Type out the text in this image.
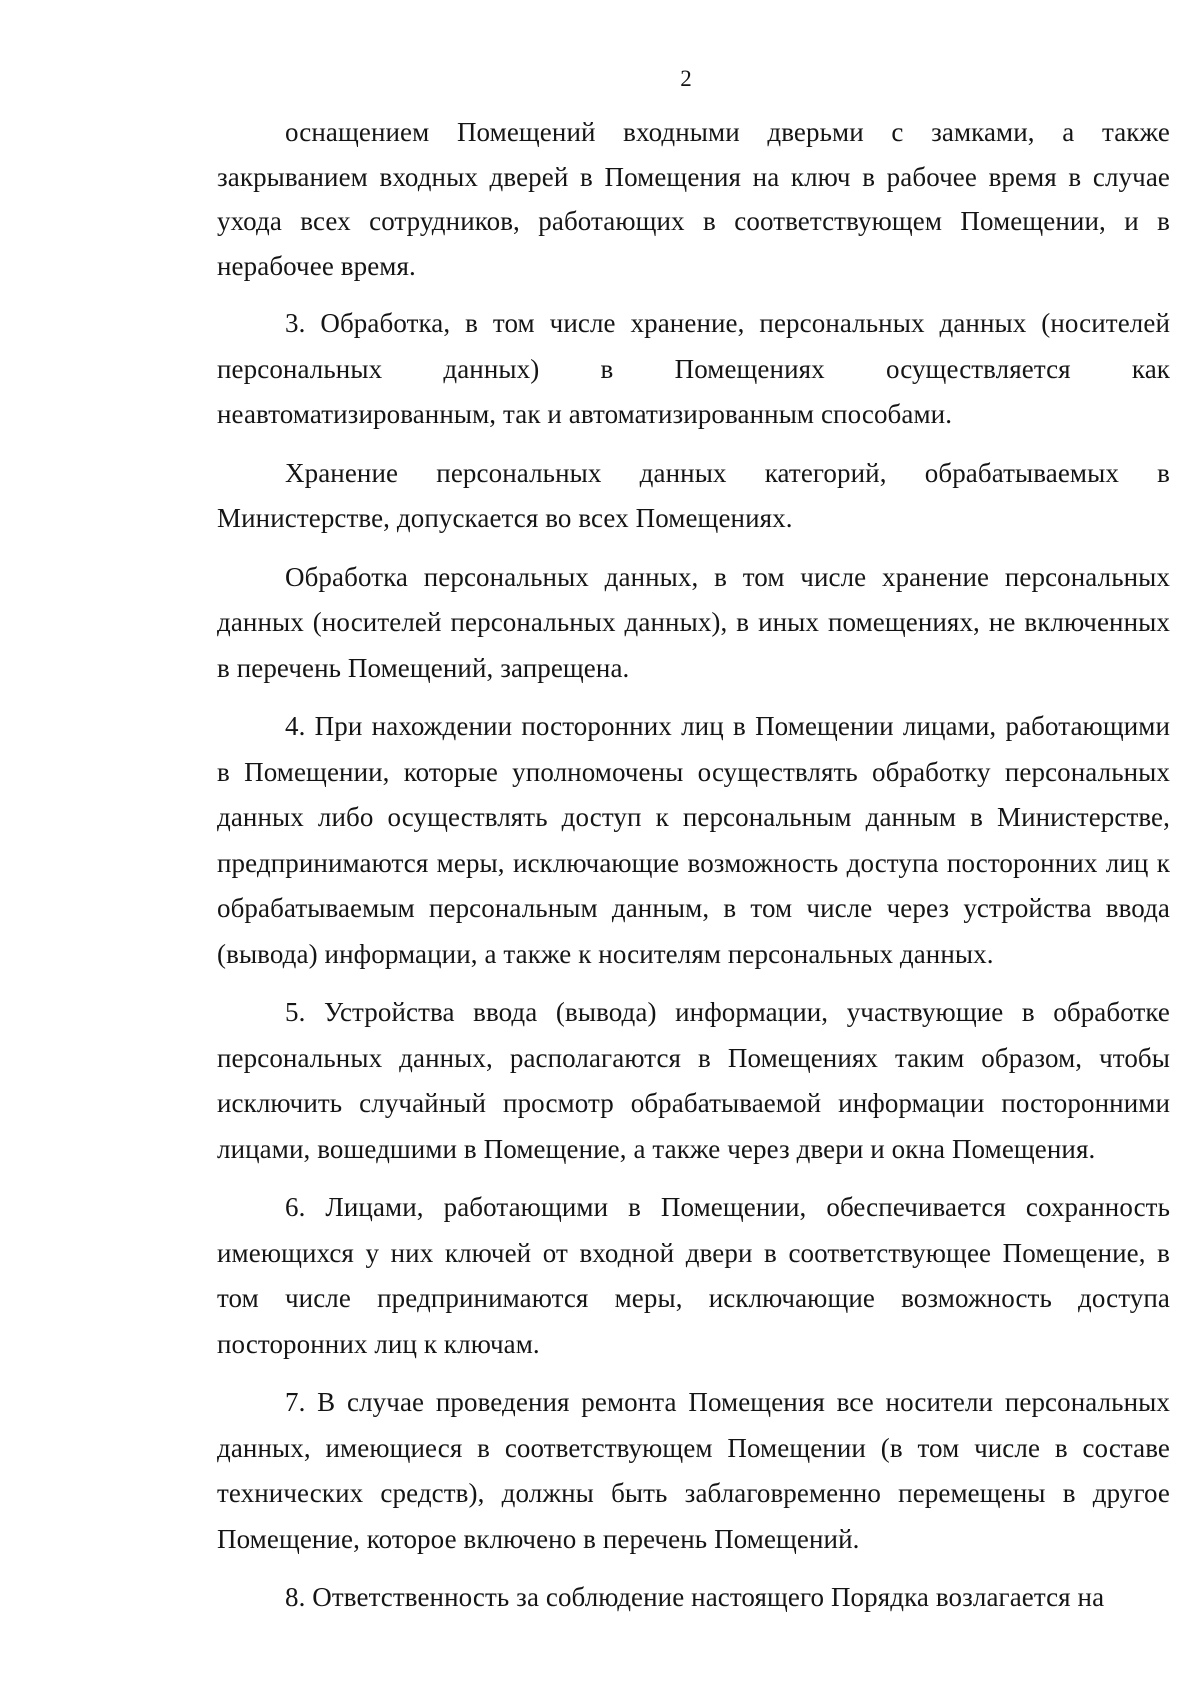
2

оснащением Помещений входными дверьми с замками, а также закрыванием входных дверей в Помещения на ключ в рабочее время в случае ухода всех сотрудников, работающих в соответствующем Помещении, и в нерабочее время.

3. Обработка, в том числе хранение, персональных данных (носителей персональных данных) в Помещениях осуществляется как неавтоматизированным, так и автоматизированным способами.

Хранение персональных данных категорий, обрабатываемых в Министерстве, допускается во всех Помещениях.

Обработка персональных данных, в том числе хранение персональных данных (носителей персональных данных), в иных помещениях, не включенных в перечень Помещений, запрещена.

4. При нахождении посторонних лиц в Помещении лицами, работающими в Помещении, которые уполномочены осуществлять обработку персональных данных либо осуществлять доступ к персональным данным в Министерстве, предпринимаются меры, исключающие возможность доступа посторонних лиц к обрабатываемым персональным данным, в том числе через устройства ввода (вывода) информации, а также к носителям персональных данных.

5. Устройства ввода (вывода) информации, участвующие в обработке персональных данных, располагаются в Помещениях таким образом, чтобы исключить случайный просмотр обрабатываемой информации посторонними лицами, вошедшими в Помещение, а также через двери и окна Помещения.

6. Лицами, работающими в Помещении, обеспечивается сохранность имеющихся у них ключей от входной двери в соответствующее Помещение, в том числе предпринимаются меры, исключающие возможность доступа посторонних лиц к ключам.

7. В случае проведения ремонта Помещения все носители персональных данных, имеющиеся в соответствующем Помещении (в том числе в составе технических средств), должны быть заблаговременно перемещены в другое Помещение, которое включено в перечень Помещений.

8. Ответственность за соблюдение настоящего Порядка возлагается на
